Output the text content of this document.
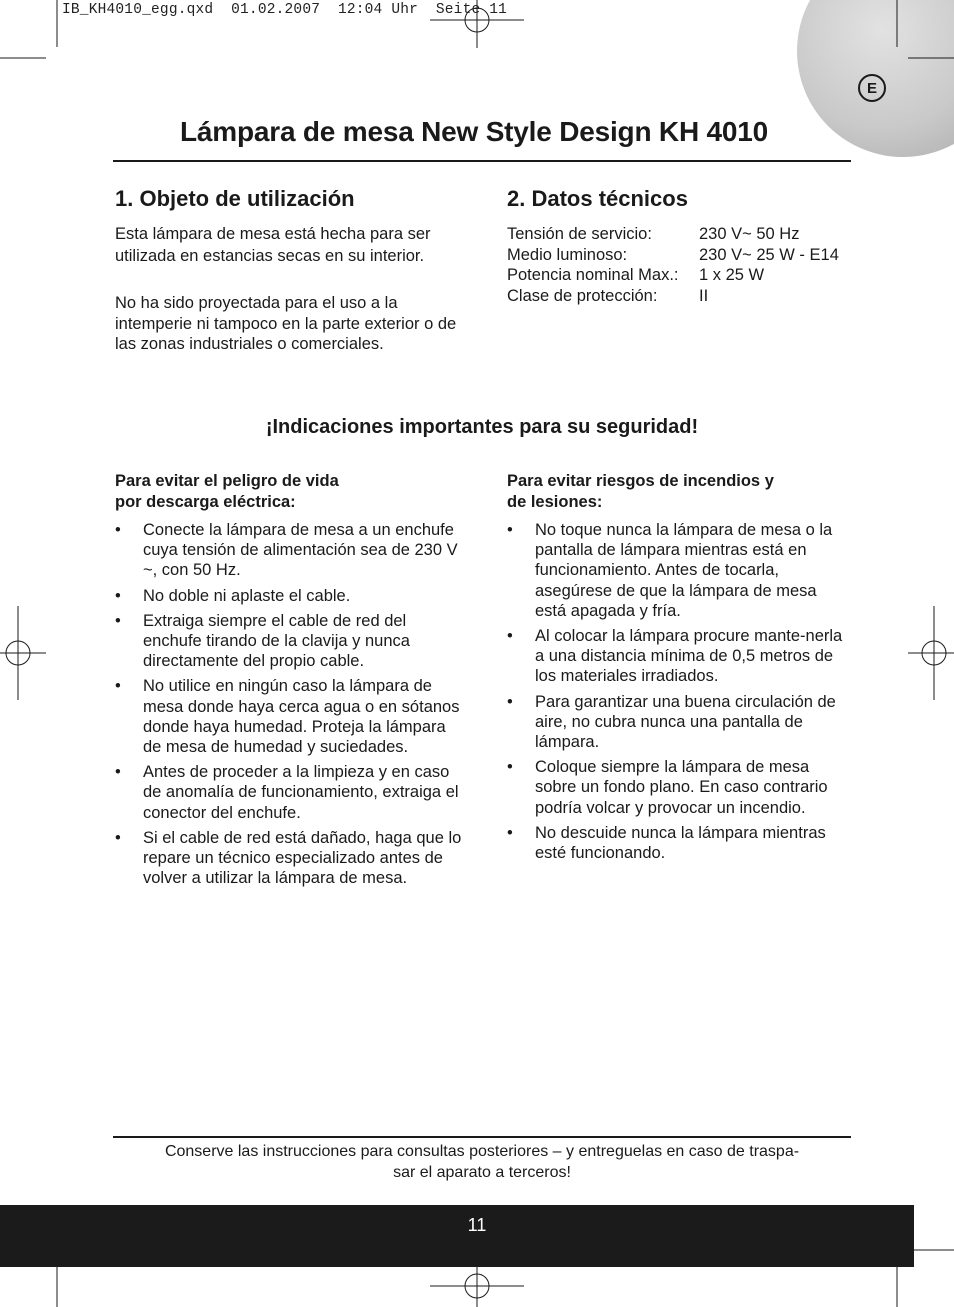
E
IB_KH4010_egg.qxd  01.02.2007  12:04 Uhr  Seite 11
Lámpara de mesa New Style Design KH 4010
1. Objeto de utilización

Esta lámpara de mesa está hecha para ser utilizada en estancias secas en su interior.

No ha sido proyectada para el uso a la intemperie ni tampoco en la parte exterior o de las zonas industriales o comerciales.

2. Datos técnicos
Tensión de servicio:	230 V~ 50 Hz
Medio luminoso:	230 V~ 25 W - E14
Potencia nominal Max.: 1 x 25 W
Clase de protección:	II
¡Indicaciones importantes para su seguridad!

Para evitar el peligro de vida
por descarga eléctrica:

• Conecte la lámpara de mesa a un enchufe cuya tensión de alimentación sea de 230 V ~, con 50 Hz.
• No doble ni aplaste el cable.
• Extraiga siempre el cable de red del enchufe tirando de la clavija y nunca directamente del propio cable.
• No utilice en ningún caso la lámpara de mesa donde haya cerca agua o en sótanos donde haya humedad. Proteja la lámpara de mesa de humedad y suciedades.
• Antes de proceder a la limpieza y en caso de anomalía de funcionamiento, extraiga el conector del enchufe.
• Si el cable de red está dañado, haga que lo repare un técnico especializado antes de volver a utilizar la lámpara de mesa.

Para evitar riesgos de incendios y
de lesiones:

• No toque nunca la lámpara de mesa o la pantalla de lámpara mientras está en funcionamiento. Antes de tocarla, asegúrese de que la lámpara de mesa está apagada y fría.
• Al colocar la lámpara procure mante-nerla a una distancia mínima de 0,5 metros de los materiales irradiados.
• Para garantizar una buena circulación de aire, no cubra nunca una pantalla de lámpara.
• Coloque siempre la lámpara de mesa sobre un fondo plano. En caso contrario podría volcar y provocar un incendio.
• No descuide nunca la lámpara mientras esté funcionando.

Conserve las instrucciones para consultas posteriores – y entreguelas en caso de traspa-
sar el aparato a terceros!

11
